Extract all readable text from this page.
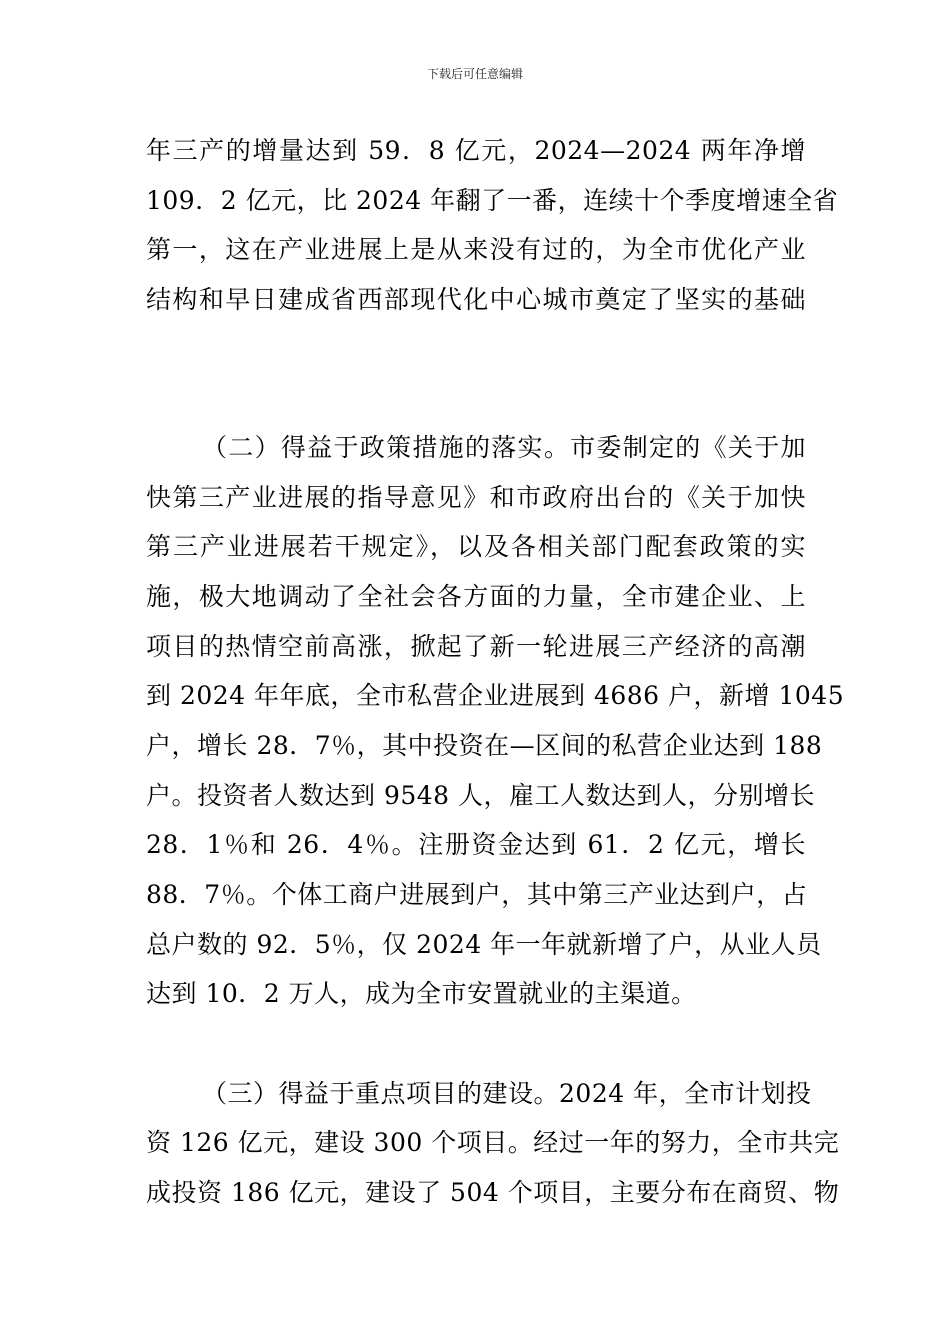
下载后可任意编辑
年三产的增量达到 59．8 亿元，2024—2024 两年净增
109．2 亿元，比 2024 年翻了一番，连续十个季度增速全省
第一，这在产业进展上是从来没有过的，为全市优化产业
结构和早日建成省西部现代化中心城市奠定了坚实的基础
（二）得益于政策措施的落实。市委制定的《关于加
快第三产业进展的指导意见》和市政府出台的《关于加快
第三产业进展若干规定》，以及各相关部门配套政策的实
施，极大地调动了全社会各方面的力量，全市建企业、上
项目的热情空前高涨，掀起了新一轮进展三产经济的高潮
到 2024 年年底，全市私营企业进展到 4686 户，新增 1045
户，增长 28．7％，其中投资在—区间的私营企业达到 188
户。投资者人数达到 9548 人，雇工人数达到人，分别增长
28．1％和 26．4％。注册资金达到 61．2 亿元，增长
88．7％。个体工商户进展到户，其中第三产业达到户，占
总户数的 92．5％，仅 2024 年一年就新增了户，从业人员
达到 10．2 万人，成为全市安置就业的主渠道。
（三）得益于重点项目的建设。2024 年，全市计划投
资 126 亿元，建设 300 个项目。经过一年的努力，全市共完
成投资 186 亿元，建设了 504 个项目，主要分布在商贸、物
